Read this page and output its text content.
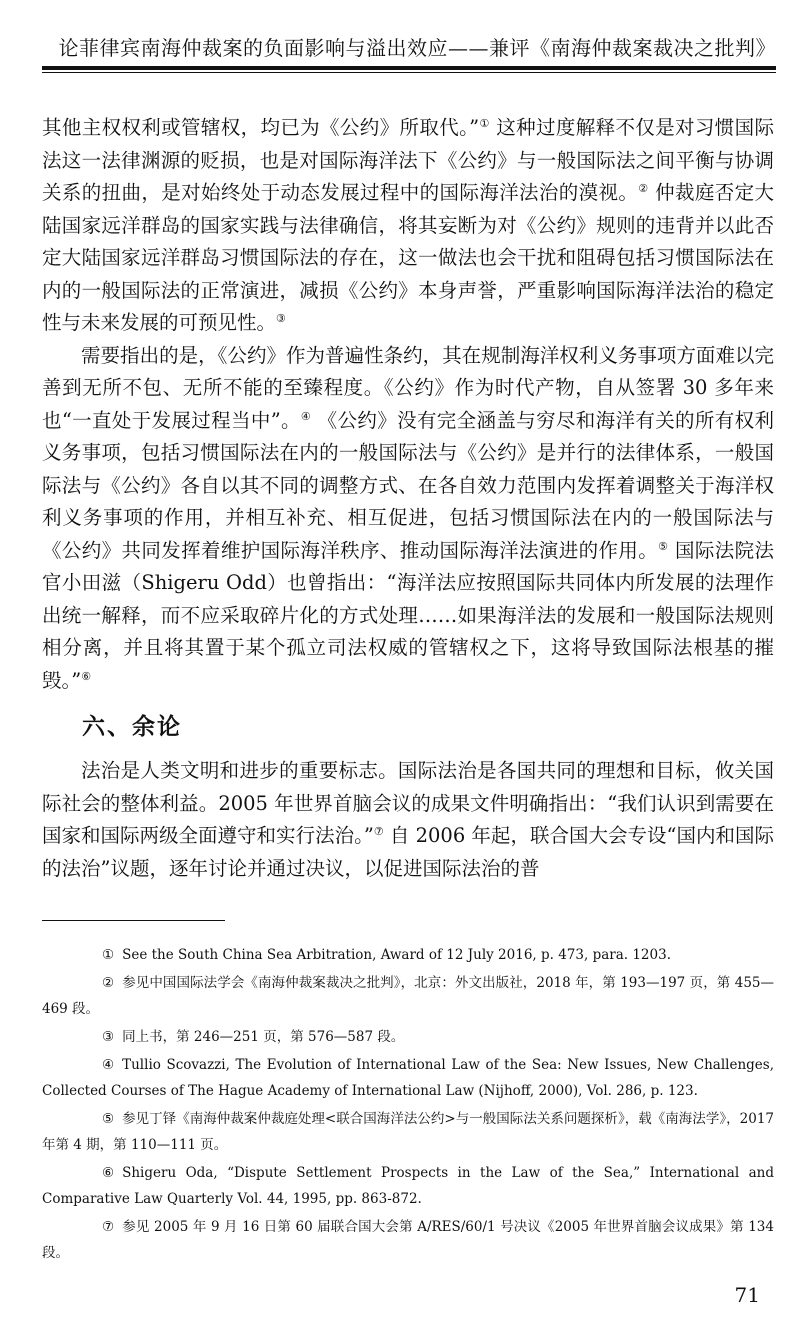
论菲律宾南海仲裁案的负面影响与溢出效应——兼评《南海仲裁案裁决之批判》

其他主权权利或管辖权，均已为《公约》所取代。”① 这种过度解释不仅是对习惯国际法这一法律渊源的贬损，也是对国际海洋法下《公约》与一般国际法之间平衡与协调关系的扭曲，是对始终处于动态发展过程中的国际海洋法治的漠视。② 仲裁庭否定大陆国家远洋群岛的国家实践与法律确信，将其妄断为对《公约》规则的违背并以此否定大陆国家远洋群岛习惯国际法的存在，这一做法也会干扰和阻碍包括习惯国际法在内的一般国际法的正常演进，减损《公约》本身声誉，严重影响国际海洋法治的稳定性与未来发展的可预见性。③

需要指出的是，《公约》作为普遍性条约，其在规制海洋权利义务事项方面难以完善到无所不包、无所不能的至臻程度。《公约》作为时代产物，自从签署 30 多年来也“一直处于发展过程当中”。④ 《公约》没有完全涵盖与穷尽和海洋有关的所有权利义务事项，包括习惯国际法在内的一般国际法与《公约》是并行的法律体系，一般国际法与《公约》各自以其不同的调整方式、在各自效力范围内发挥着调整关于海洋权利义务事项的作用，并相互补充、相互促进，包括习惯国际法在内的一般国际法与《公约》共同发挥着维护国际海洋秩序、推动国际海洋法演进的作用。⑤ 国际法院法官小田滋（Shigeru Odd）也曾指出：“海洋法应按照国际共同体内所发展的法理作出统一解释，而不应采取碎片化的方式处理……如果海洋法的发展和一般国际法规则相分离，并且将其置于某个孤立司法权威的管辖权之下，这将导致国际法根基的摧毁。”⑥

六、余论

法治是人类文明和进步的重要标志。国际法治是各国共同的理想和目标，攸关国际社会的整体利益。2005 年世界首脑会议的成果文件明确指出：“我们认识到需要在国家和国际两级全面遵守和实行法治。”⑦ 自 2006 年起，联合国大会专设“国内和国际的法治”议题，逐年讨论并通过决议，以促进国际法治的普

① See the South China Sea Arbitration, Award of 12 July 2016, p. 473, para. 1203.
② 参见中国国际法学会《南海仲裁案裁决之批判》，北京：外文出版社，2018 年，第 193—197 页，第 455—469 段。
③ 同上书，第 246—251 页，第 576—587 段。
④ Tullio Scovazzi, The Evolution of International Law of the Sea: New Issues, New Challenges, Collected Courses of The Hague Academy of International Law (Nijhoff, 2000), Vol. 286, p. 123.
⑤ 参见丁铎《南海仲裁案仲裁庭处理<联合国海洋法公约>与一般国际法关系问题探析》，载《南海法学》，2017 年第 4 期，第 110—111 页。
⑥ Shigeru Oda, “Dispute Settlement Prospects in the Law of the Sea,” International and Comparative Law Quarterly Vol. 44, 1995, pp. 863-872.
⑦ 参见 2005 年 9 月 16 日第 60 届联合国大会第 A/RES/60/1 号决议《2005 年世界首脑会议成果》第 134 段。
71
